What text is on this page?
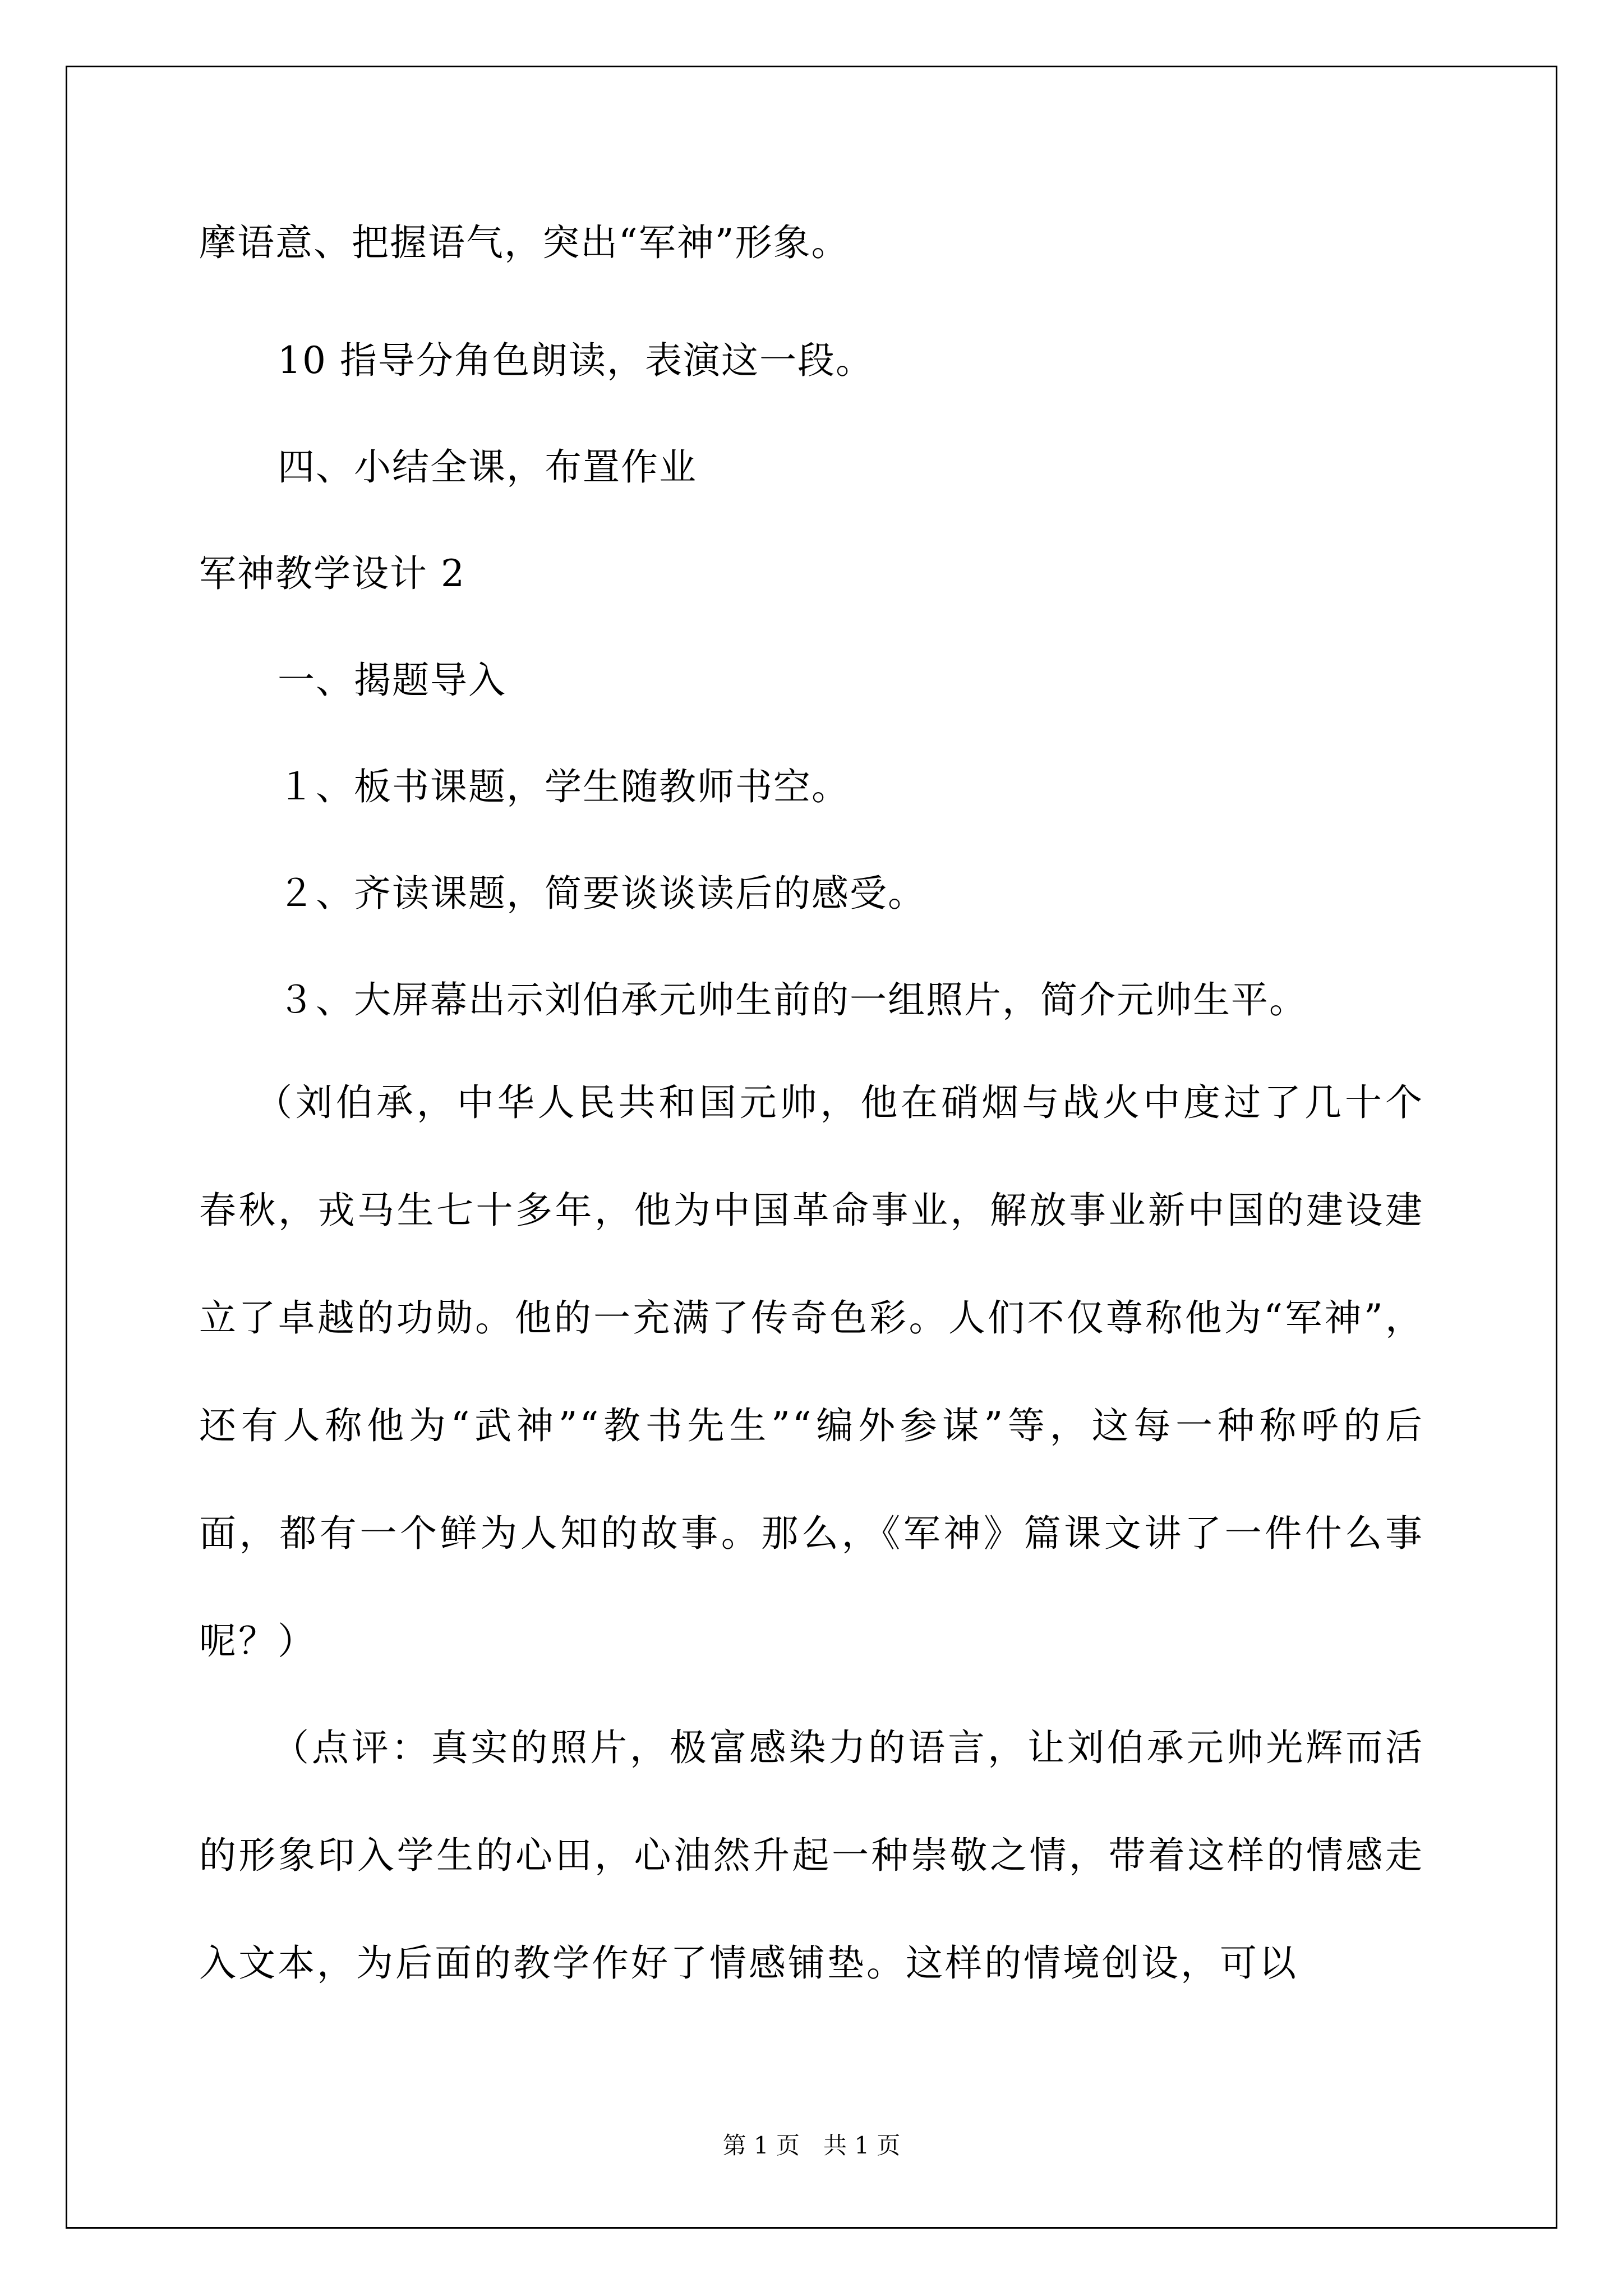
摩语意、把握语气，突出“军神”形象。
10 指导分角色朗读，表演这一段。
四、小结全课，布置作业
军神教学设计 2
一、揭题导入
１、板书课题，学生随教师书空。
２、齐读课题，简要谈谈读后的感受。
３、大屏幕出示刘伯承元帅生前的一组照片，简介元帅生平。
（刘伯承，中华人民共和国元帅，他在硝烟与战火中度过了几十个春秋，戎马生七十多年，他为中国革命事业，解放事业新中国的建设建立了卓越的功勋。他的一充满了传奇色彩。人们不仅尊称他为“军神”，还有人称他为“武神”“教书先生”“编外参谋”等，这每一种称呼的后面，都有一个鲜为人知的故事。那么，《军神》篇课文讲了一件什么事呢？）
（点评：真实的照片，极富感染力的语言，让刘伯承元帅光辉而活的形象印入学生的心田，心油然升起一种崇敬之情，带着这样的情感走入文本，为后面的教学作好了情感铺垫。这样的情境创设，可以
第 1 页　共 1 页
